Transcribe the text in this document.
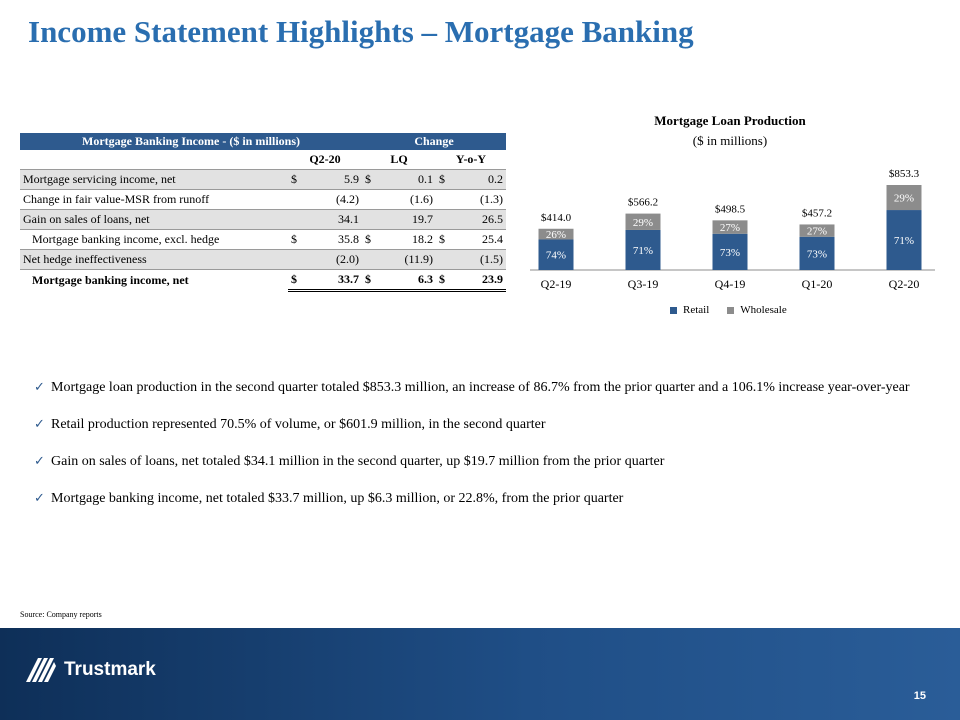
Income Statement Highlights – Mortgage Banking
Mortgage Banking Income - ($ in millions)			Change			
	Q2-20		LQ		Y-o-Y	
Mortgage servicing income, net	$	5.9	$	0.1	$	0.2
Change in fair value-MSR from runoff		(4.2)		(1.6)		(1.3)
Gain on sales of loans, net		34.1		19.7		26.5
Mortgage banking income, excl. hedge	$	35.8	$	18.2	$	25.4
Net hedge ineffectiveness		(2.0)		(11.9)		(1.5)
Mortgage banking income, net	$	33.7	$	6.3	$	23.9
Mortgage Loan Production
($ in millions)
74%
26%
$414.0
Q2-19
71%
29%
$566.2
Q3-19
73%
27%
$498.5
Q4-19
73%
27%
$457.2
Q1-20
71%
29%
$853.3
Q2-20
Retail	Wholesale
✓ Mortgage loan production in the second quarter totaled $853.3 million, an increase of 86.7% from the prior quarter and a 106.1% increase year-over-year
✓ Retail production represented 70.5% of volume, or $601.9 million, in the second quarter
✓ Gain on sales of loans, net totaled $34.1 million in the second quarter, up $19.7 million from the prior quarter
✓ Mortgage banking income, net totaled $33.7 million, up $6.3 million, or 22.8%, from the prior quarter
Source: Company reports
Trustmark
15
